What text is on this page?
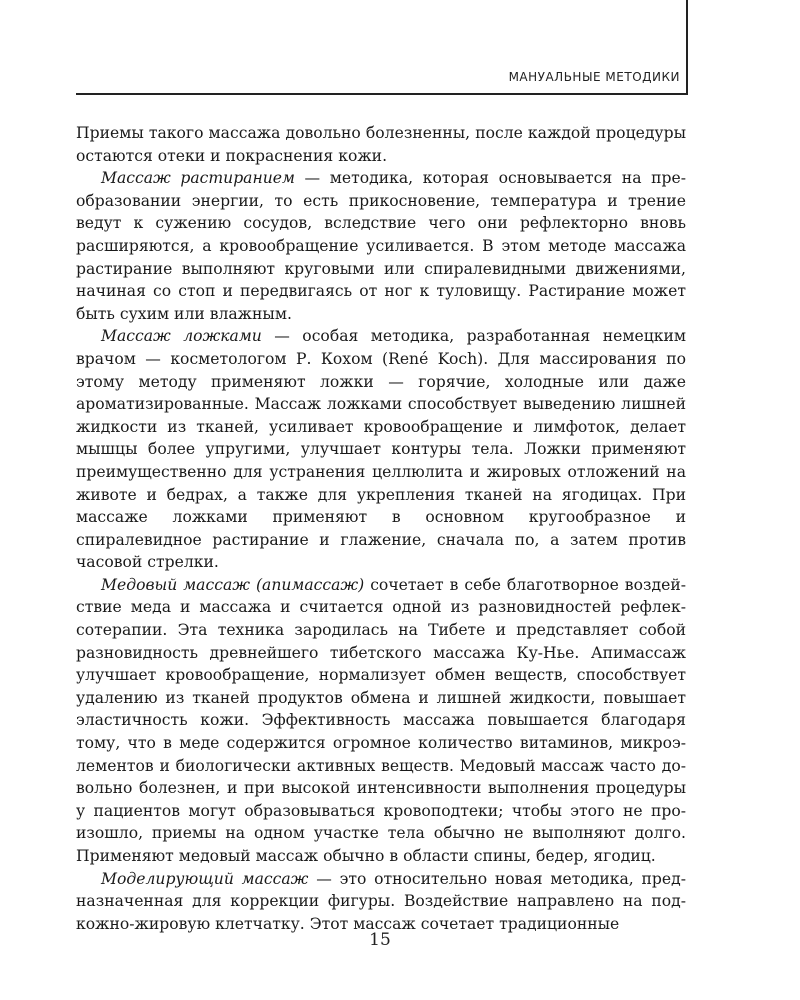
МАНУАЛЬНЫЕ МЕТОДИКИ

Приемы такого массажа довольно болезненны, после каждой процедуры остаются отеки и покраснения кожи.

Массаж растиранием — методика, которая основывается на преобразовании энергии, то есть прикосновение, температура и трение ведут к сужению сосудов, вследствие чего они рефлекторно вновь расширяются, а кровообращение усиливается. В этом методе массажа растирание выполняют круговыми или спиралевидными движениями, начиная со стоп и передвигаясь от ног к туловищу. Растирание может быть сухим или влажным.

Массаж ложками — особая методика, разработанная немецким врачом — косметологом Р. Кохом (René Koch). Для массирования по этому методу применяют ложки — горячие, холодные или даже ароматизированные. Массаж ложками способствует выведению лишней жидкости из тканей, усиливает кровообращение и лимфоток, делает мышцы более упругими, улучшает контуры тела. Ложки применяют преимущественно для устранения целлюлита и жировых отложений на животе и бедрах, а также для укрепления тканей на ягодицах. При массаже ложками применяют в основном кругообразное и спиралевидное растирание и глажение, сначала по, а затем против часовой стрелки.

Медовый массаж (апимассаж) сочетает в себе благотворное воздействие меда и массажа и считается одной из разновидностей рефлексотерапии. Эта техника зародилась на Тибете и представляет собой разновидность древнейшего тибетского массажа Ку-Нье. Апимассаж улучшает кровообращение, нормализует обмен веществ, способствует удалению из тканей продуктов обмена и лишней жидкости, повышает эластичность кожи. Эффективность массажа повышается благодаря тому, что в меде содержится огромное количество витаминов, микроэлементов и биологически активных веществ. Медовый массаж часто довольно болезнен, и при высокой интенсивности выполнения процедуры у пациентов могут образовываться кровоподтеки; чтобы этого не произошло, приемы на одном участке тела обычно не выполняют долго. Применяют медовый массаж обычно в области спины, бедер, ягодиц.

Моделирующий массаж — это относительно новая методика, предназначенная для коррекции фигуры. Воздействие направлено на подкожно-жировую клетчатку. Этот массаж сочетает традиционные

15
